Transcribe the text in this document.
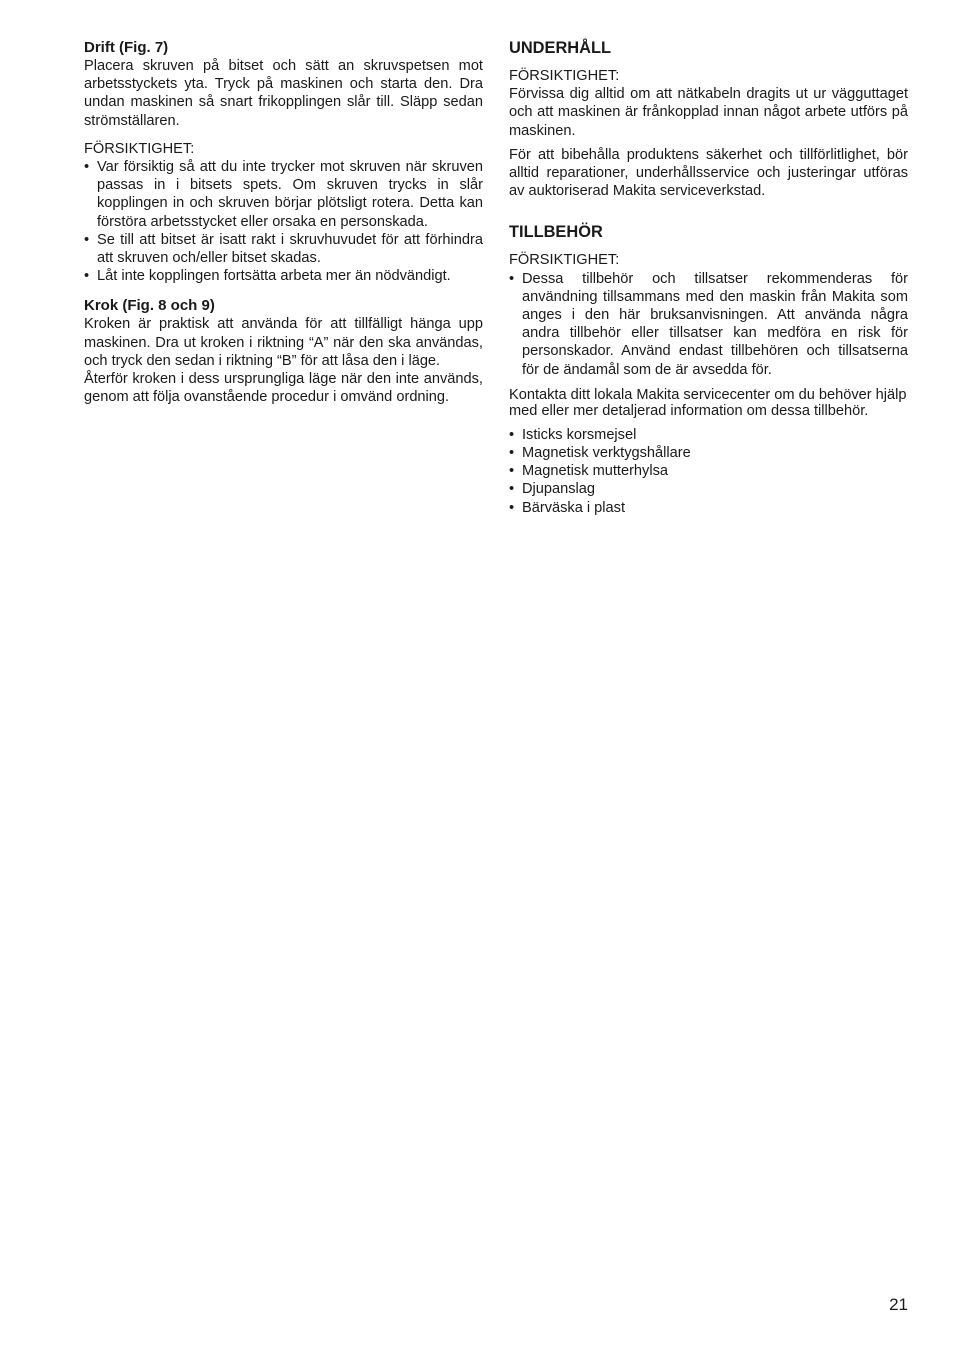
Drift (Fig. 7)

Placera skruven på bitset och sätt an skruvspetsen mot arbetsstyckets yta. Tryck på maskinen och starta den. Dra undan maskinen så snart frikopplingen slår till. Släpp sedan strömställaren.

FÖRSIKTIGHET:
• Var försiktig så att du inte trycker mot skruven när skruven passas in i bitsets spets. Om skruven trycks in slår kopplingen in och skruven börjar plötsligt rotera. Detta kan förstöra arbetsstycket eller orsaka en personskada.
• Se till att bitset är isatt rakt i skruvhuvudet för att förhindra att skruven och/eller bitset skadas.
• Låt inte kopplingen fortsätta arbeta mer än nödvändigt.
Krok (Fig. 8 och 9)

Kroken är praktisk att använda för att tillfälligt hänga upp maskinen. Dra ut kroken i riktning “A” när den ska användas, och tryck den sedan i riktning “B” för att låsa den i läge.

Återför kroken i dess ursprungliga läge när den inte används, genom att följa ovanstående procedur i omvänd ordning.

UNDERHÅLL
FÖRSIKTIGHET:

Förvissa dig alltid om att nätkabeln dragits ut ur vägguttaget och att maskinen är frånkopplad innan något arbete utförs på maskinen.

För att bibehålla produktens säkerhet och tillförlitlighet, bör alltid reparationer, underhållsservice och justeringar utföras av auktoriserad Makita serviceverkstad.

TILLBEHÖR
FÖRSIKTIGHET:
• Dessa tillbehör och tillsatser rekommenderas för användning tillsammans med den maskin från Makita som anges i den här bruksanvisningen. Att använda några andra tillbehör eller tillsatser kan medföra en risk för personskador. Använd endast tillbehören och tillsatserna för de ändamål som de är avsedda för.

Kontakta ditt lokala Makita servicecenter om du behöver hjälp med eller mer detaljerad information om dessa tillbehör.

• Isticks korsmejsel
• Magnetisk verktygshållare
• Magnetisk mutterhylsa
• Djupanslag
• Bärväska i plast
21
